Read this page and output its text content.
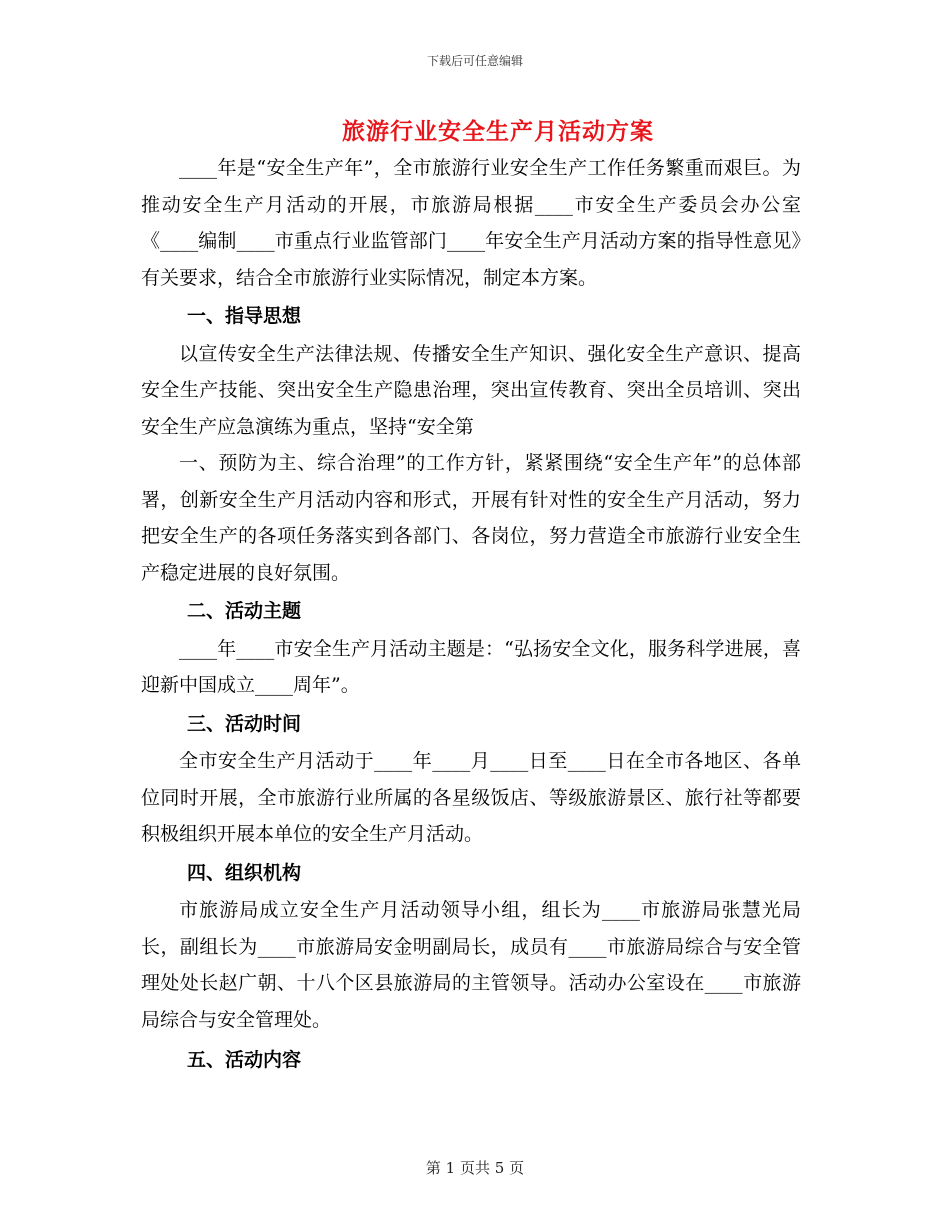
下载后可任意编辑
旅游行业安全生产月活动方案

____年是“安全生产年”，全市旅游行业安全生产工作任务繁重而艰巨。为推动安全生产月活动的开展，市旅游局根据____市安全生产委员会办公室《____编制____市重点行业监管部门____年安全生产月活动方案的指导性意见》有关要求，结合全市旅游行业实际情况，制定本方案。

一、指导思想

以宣传安全生产法律法规、传播安全生产知识、强化安全生产意识、提高安全生产技能、突出安全生产隐患治理，突出宣传教育、突出全员培训、突出安全生产应急演练为重点，坚持“安全第

一、预防为主、综合治理”的工作方针，紧紧围绕“安全生产年”的总体部署，创新安全生产月活动内容和形式，开展有针对性的安全生产月活动，努力把安全生产的各项任务落实到各部门、各岗位，努力营造全市旅游行业安全生产稳定进展的良好氛围。

二、活动主题

____年____市安全生产月活动主题是：“弘扬安全文化，服务科学进展，喜迎新中国成立____周年”。

三、活动时间

全市安全生产月活动于____年____月____日至____日在全市各地区、各单位同时开展，全市旅游行业所属的各星级饭店、等级旅游景区、旅行社等都要积极组织开展本单位的安全生产月活动。

四、组织机构

市旅游局成立安全生产月活动领导小组，组长为____市旅游局张慧光局长，副组长为____市旅游局安金明副局长，成员有____市旅游局综合与安全管理处处长赵广朝、十八个区县旅游局的主管领导。活动办公室设在____市旅游局综合与安全管理处。

五、活动内容
第 1 页共 5 页
